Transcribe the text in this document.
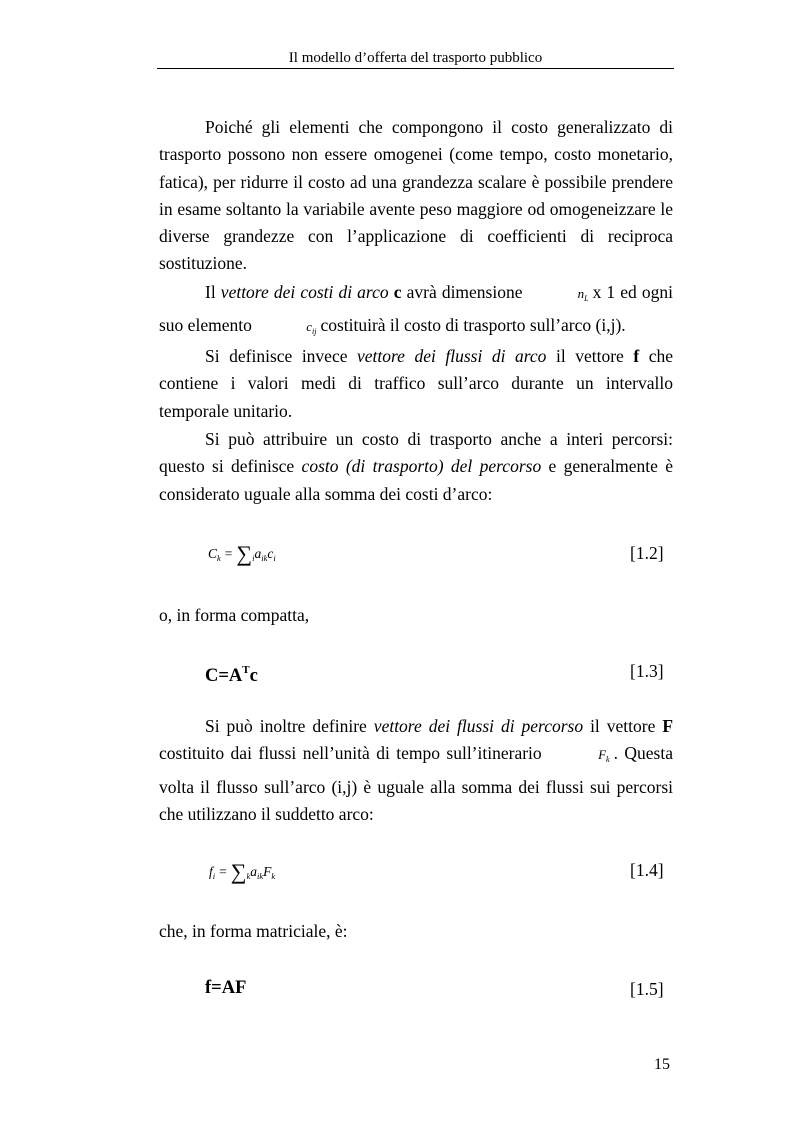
Il modello d’offerta del trasporto pubblico

Poiché gli elementi che compongono il costo generalizzato di trasporto possono non essere omogenei (come tempo, costo monetario, fatica), per ridurre il costo ad una grandezza scalare è possibile prendere in esame soltanto la variabile avente peso maggiore od omogeneizzare le diverse grandezze con l’applicazione di coefficienti di reciproca sostituzione.

Il vettore dei costi di arco c avrà dimensione	$n_L$ x 1 ed ogni suo elemento	$c_{ij}$ costituirà il costo di trasporto sull’arco (i,j).

Si definisce invece vettore dei flussi di arco il vettore f che contiene i valori medi di traffico sull’arco durante un intervallo temporale unitario.

Si può attribuire un costo di trasporto anche a interi percorsi: questo si definisce costo (di trasporto) del percorso e generalmente è considerato uguale alla somma dei costi d’arco:

$C_k = \sum_ia_{ik}c_i$	[1.2]

o, in forma compatta,

$C=A^Tc$	[1.3]

Si può inoltre definire vettore dei flussi di percorso il vettore F costituito dai flussi nell’unità di tempo sull’itinerario	$F_k$ . Questa volta il flusso sull’arco (i,j) è uguale alla somma dei flussi sui percorsi che utilizzano il suddetto arco:

$f_i = \sum_ka_{ik}F_k$	[1.4]

che, in forma matriciale, è:

f=AF	[1.5]
15
